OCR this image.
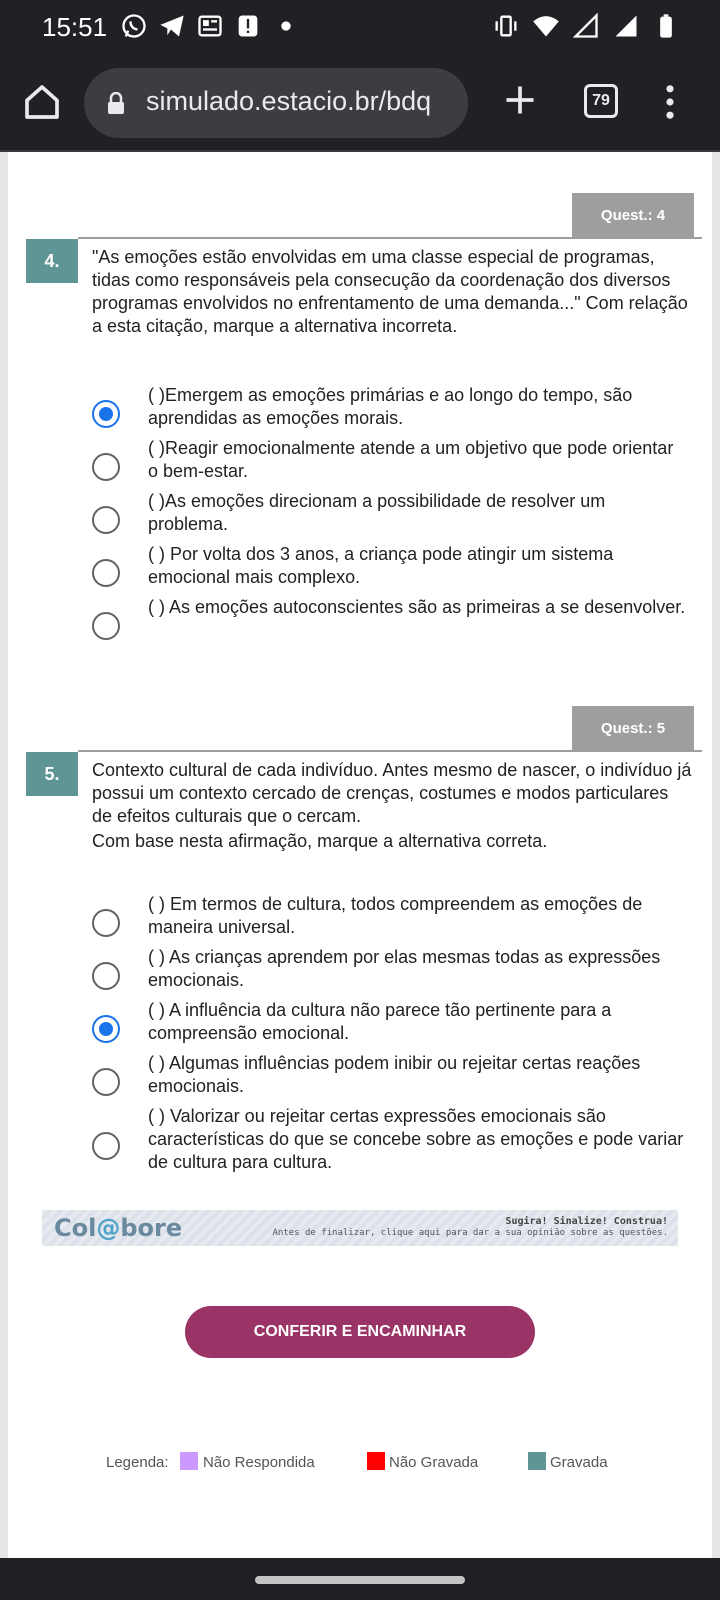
15:51
simulado.estacio.br/bdq	79
Quest.: 4
4.	"As emoções estão envolvidas em uma classe especial de programas, tidas como responsáveis pela consecução da coordenação dos diversos programas envolvidos no enfrentamento de uma demanda..." Com relação a esta citação, marque a alternativa incorreta.
( )Emergem as emoções primárias e ao longo do tempo, são aprendidas as emoções morais.
( )Reagir emocionalmente atende a um objetivo que pode orientar o bem-estar.
( )As emoções direcionam a possibilidade de resolver um problema.
( ) Por volta dos 3 anos, a criança pode atingir um sistema emocional mais complexo.
( ) As emoções autoconscientes são as primeiras a se desenvolver.
Quest.: 5
5.	Contexto cultural de cada indivíduo. Antes mesmo de nascer, o indivíduo já possui um contexto cercado de crenças, costumes e modos particulares de efeitos culturais que o cercam.
Com base nesta afirmação, marque a alternativa correta.
( ) Em termos de cultura, todos compreendem as emoções de maneira universal.
( ) As crianças aprendem por elas mesmas todas as expressões emocionais.
( ) A influência da cultura não parece tão pertinente para a compreensão emocional.
( ) Algumas influências podem inibir ou rejeitar certas reações emocionais.
( ) Valorizar ou rejeitar certas expressões emocionais são características do que se concebe sobre as emoções e pode variar de cultura para cultura.
Col@bore	Sugira! Sinalize! Construa!
Antes de finalizar, clique aqui para dar a sua opinião sobre as questões.
CONFERIR E ENCAMINHAR
Legenda: Não Respondida	Não Gravada	Gravada
